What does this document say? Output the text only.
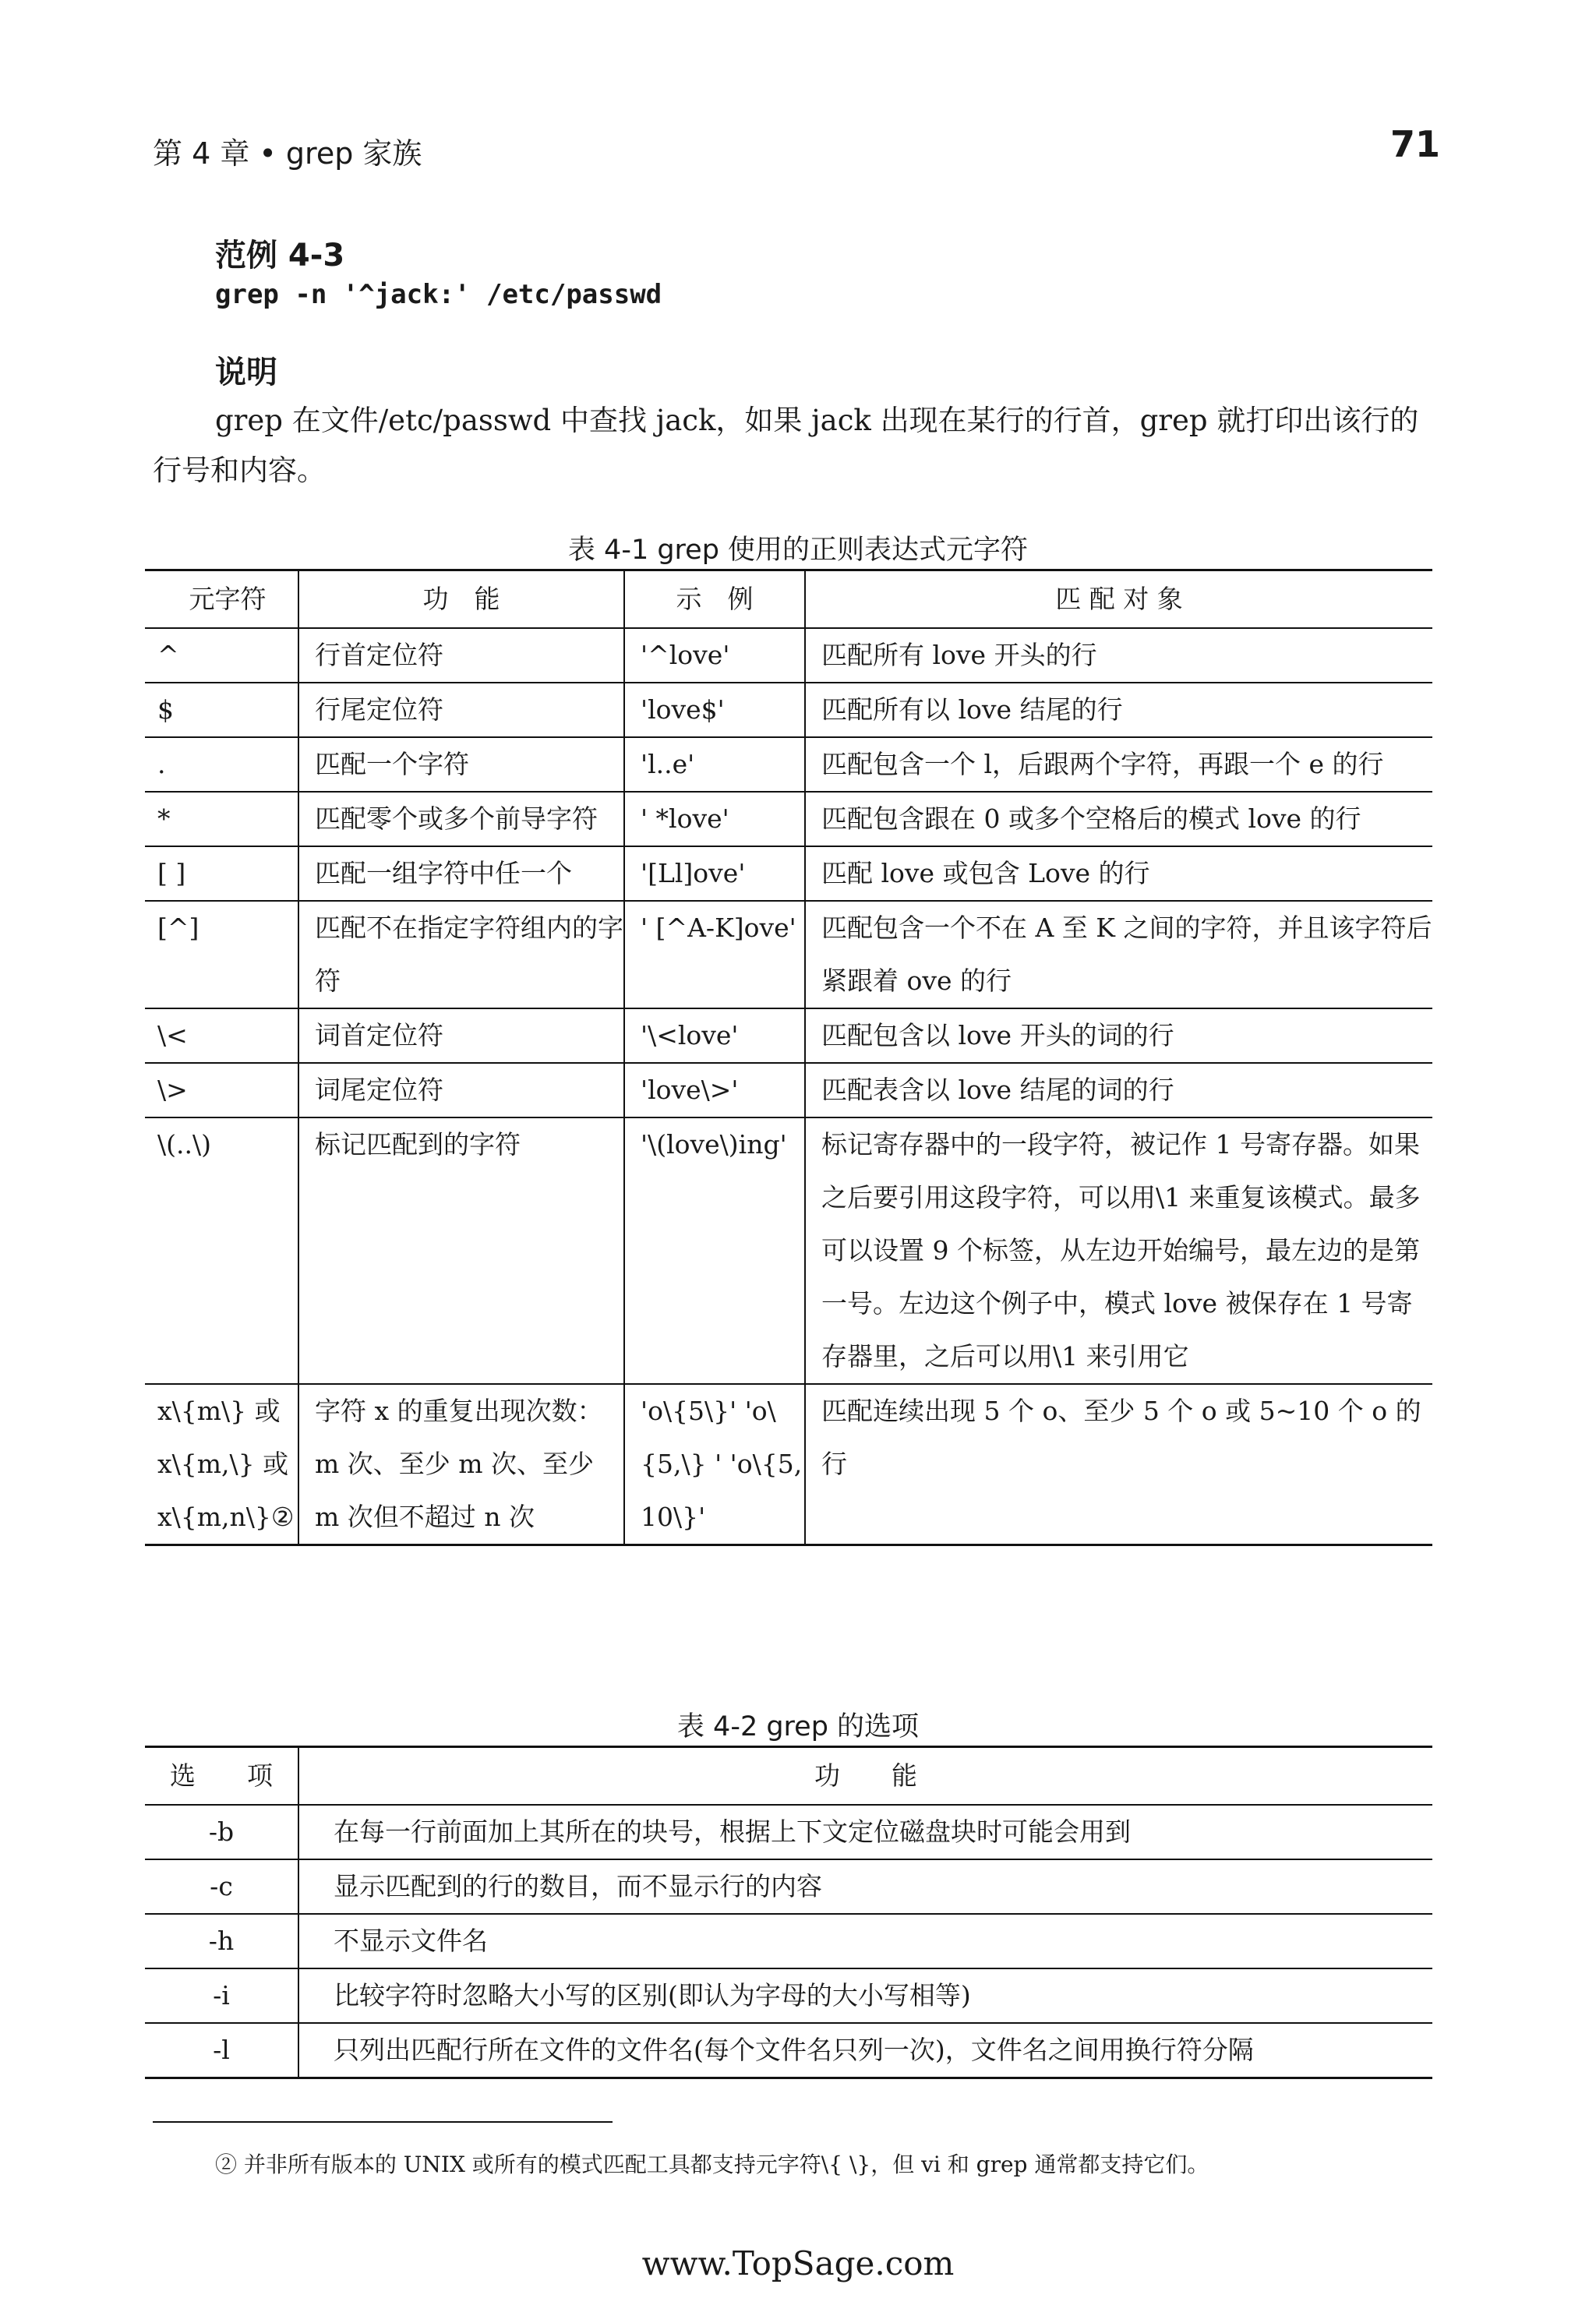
第 4 章 • grep 家族	71
范例 4-3
grep -n '^jack:' /etc/passwd
说明
grep 在文件/etc/passwd 中查找 jack，如果 jack 出现在某行的行首，grep 就打印出该行的行号和内容。
表 4-1 grep 使用的正则表达式元字符
元字符	功　能	示　例	匹 配 对 象
^	行首定位符	'^love'	匹配所有 love 开头的行
$	行尾定位符	'love$'	匹配所有以 love 结尾的行
.	匹配一个字符	'l..e'	匹配包含一个 l，后跟两个字符，再跟一个 e 的行
*	匹配零个或多个前导字符	' *love'	匹配包含跟在 0 或多个空格后的模式 love 的行
[ ]	匹配一组字符中任一个	'[Ll]ove'	匹配 love 或包含 Love 的行
[^]	匹配不在指定字符组内的字符	' [^A-K]ove'	匹配包含一个不在 A 至 K 之间的字符，并且该字符后紧跟着 ove 的行
\<	词首定位符	'\<love'	匹配包含以 love 开头的词的行
\>	词尾定位符	'love\>'	匹配表含以 love 结尾的词的行
\(..\)	标记匹配到的字符	'\(love\)ing'	标记寄存器中的一段字符，被记作 1 号寄存器。如果之后要引用这段字符，可以用\1 来重复该模式。最多可以设置 9 个标签，从左边开始编号，最左边的是第一号。左边这个例子中，模式 love 被保存在 1 号寄存器里，之后可以用\1 来引用它
x\{m\} 或 x\{m,\} 或 x\{m,n\}②	字符 x 的重复出现次数：m 次、至少 m 次、至少 m 次但不超过 n 次	'o\{5\}' 'o\{5,\} ' 'o\{5, 10\}'	匹配连续出现 5 个 o、至少 5 个 o 或 5~10 个 o 的行
表 4-2 grep 的选项
选　　项	功　　能
-b	在每一行前面加上其所在的块号，根据上下文定位磁盘块时可能会用到
-c	显示匹配到的行的数目，而不显示行的内容
-h	不显示文件名
-i	比较字符时忽略大小写的区别(即认为字母的大小写相等)
-l	只列出匹配行所在文件的文件名(每个文件名只列一次)，文件名之间用换行符分隔
② 并非所有版本的 UNIX 或所有的模式匹配工具都支持元字符\{ \}，但 vi 和 grep 通常都支持它们。
www.TopSage.com
